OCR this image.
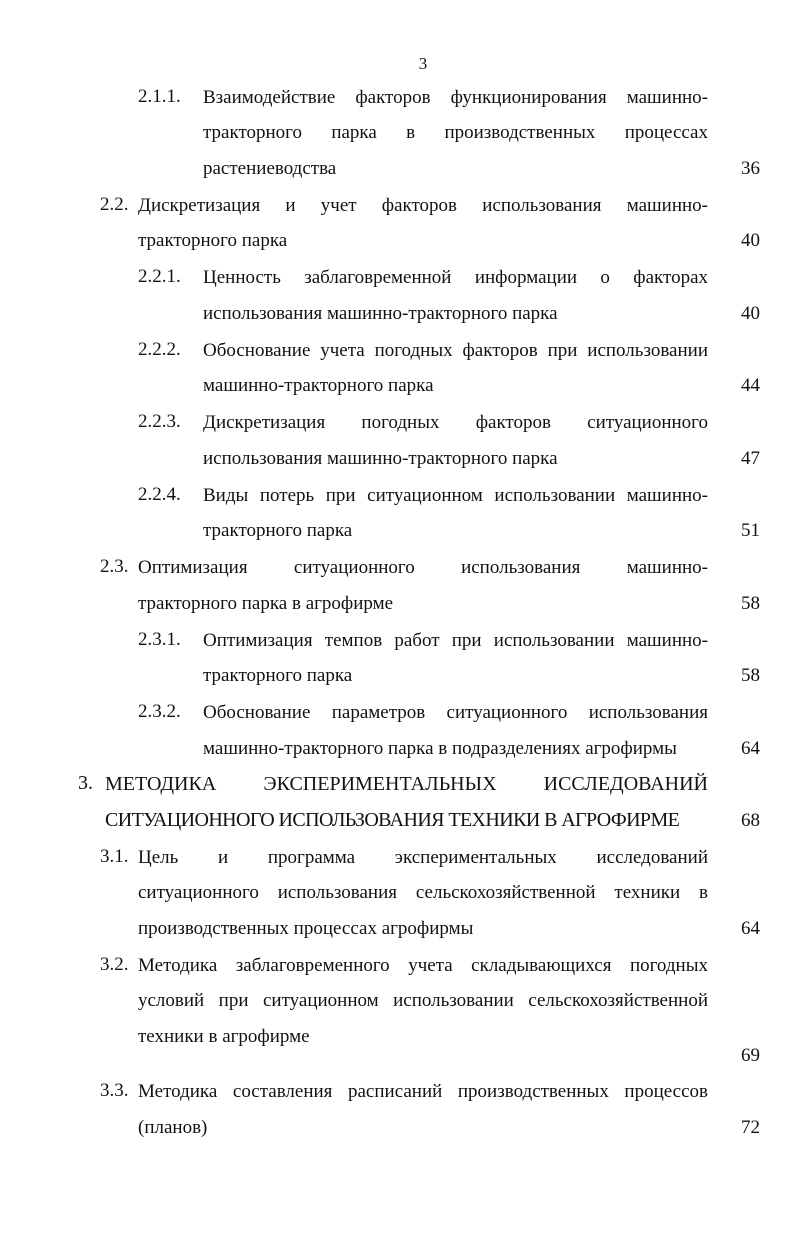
3
2.1.1. Взаимодействие факторов функционирования машинно-
тракторного парка в производственных процессах
растениеводства	36
2.2. Дискретизация и учет факторов использования машинно-
тракторного парка	40
2.2.1. Ценность заблаговременной информации о факторах
использования машинно-тракторного парка	40
2.2.2. Обоснование учета погодных факторов при использовании
машинно-тракторного парка	44
2.2.3. Дискретизация погодных факторов ситуационного
использования машинно-тракторного парка	47
2.2.4. Виды потерь при ситуационном использовании машинно-
тракторного парка	51
2.3. Оптимизация ситуационного использования машинно-
тракторного парка в агрофирме	58
2.3.1. Оптимизация темпов работ при использовании машинно-
тракторного парка	58
2.3.2. Обоснование параметров ситуационного использования
машинно-тракторного парка в подразделениях агрофирмы	64
3. МЕТОДИКА ЭКСПЕРИМЕНТАЛЬНЫХ ИССЛЕДОВАНИЙ
СИТУАЦИОННОГО ИСПОЛЬЗОВАНИЯ ТЕХНИКИ В АГРОФИРМЕ	68
3.1. Цель и программа экспериментальных исследований
ситуационного использования сельскохозяйственной техники в
производственных процессах агрофирмы	64
3.2. Методика заблаговременного учета складывающихся погодных
условий при ситуационном использовании сельскохозяйственной
техники в агрофирме
69
3.3. Методика составления расписаний производственных процессов
(планов)	72
